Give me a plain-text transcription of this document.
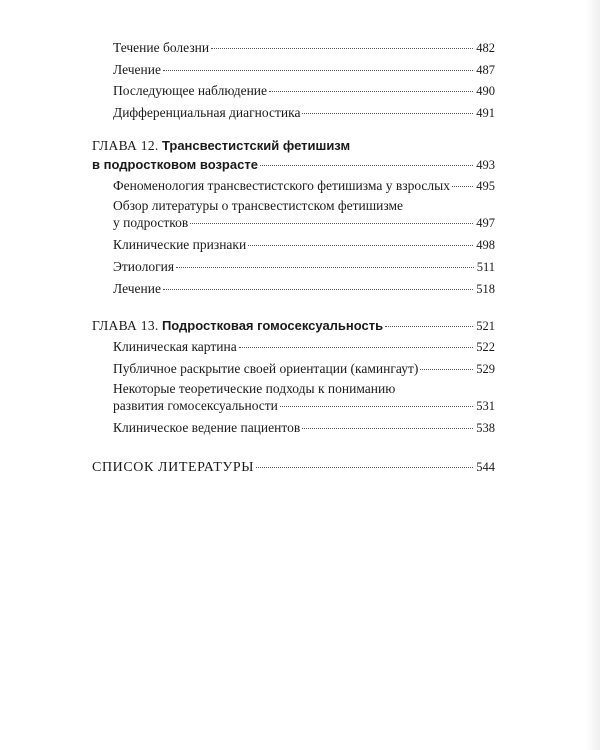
Течение болезни	482
Лечение	487
Последующее наблюдение	490
Дифференциальная диагностика	491
ГЛАВА 12. Трансвестистский фетишизм
в подростковом возрасте	493
Феноменология трансвестистского фетишизма у взрослых 495
Обзор литературы о трансвестистском фетишизме
у подростков	497
Клинические признаки	498
Этиология	511
Лечение	518
ГЛАВА 13. Подростковая гомосексуальность	521
Клиническая картина	522
Публичное раскрытие своей ориентации (камингаут)	529
Некоторые теоретические подходы к пониманию
развития гомосексуальности	531
Клиническое ведение пациентов	538
СПИСОК ЛИТЕРАТУРЫ	544
